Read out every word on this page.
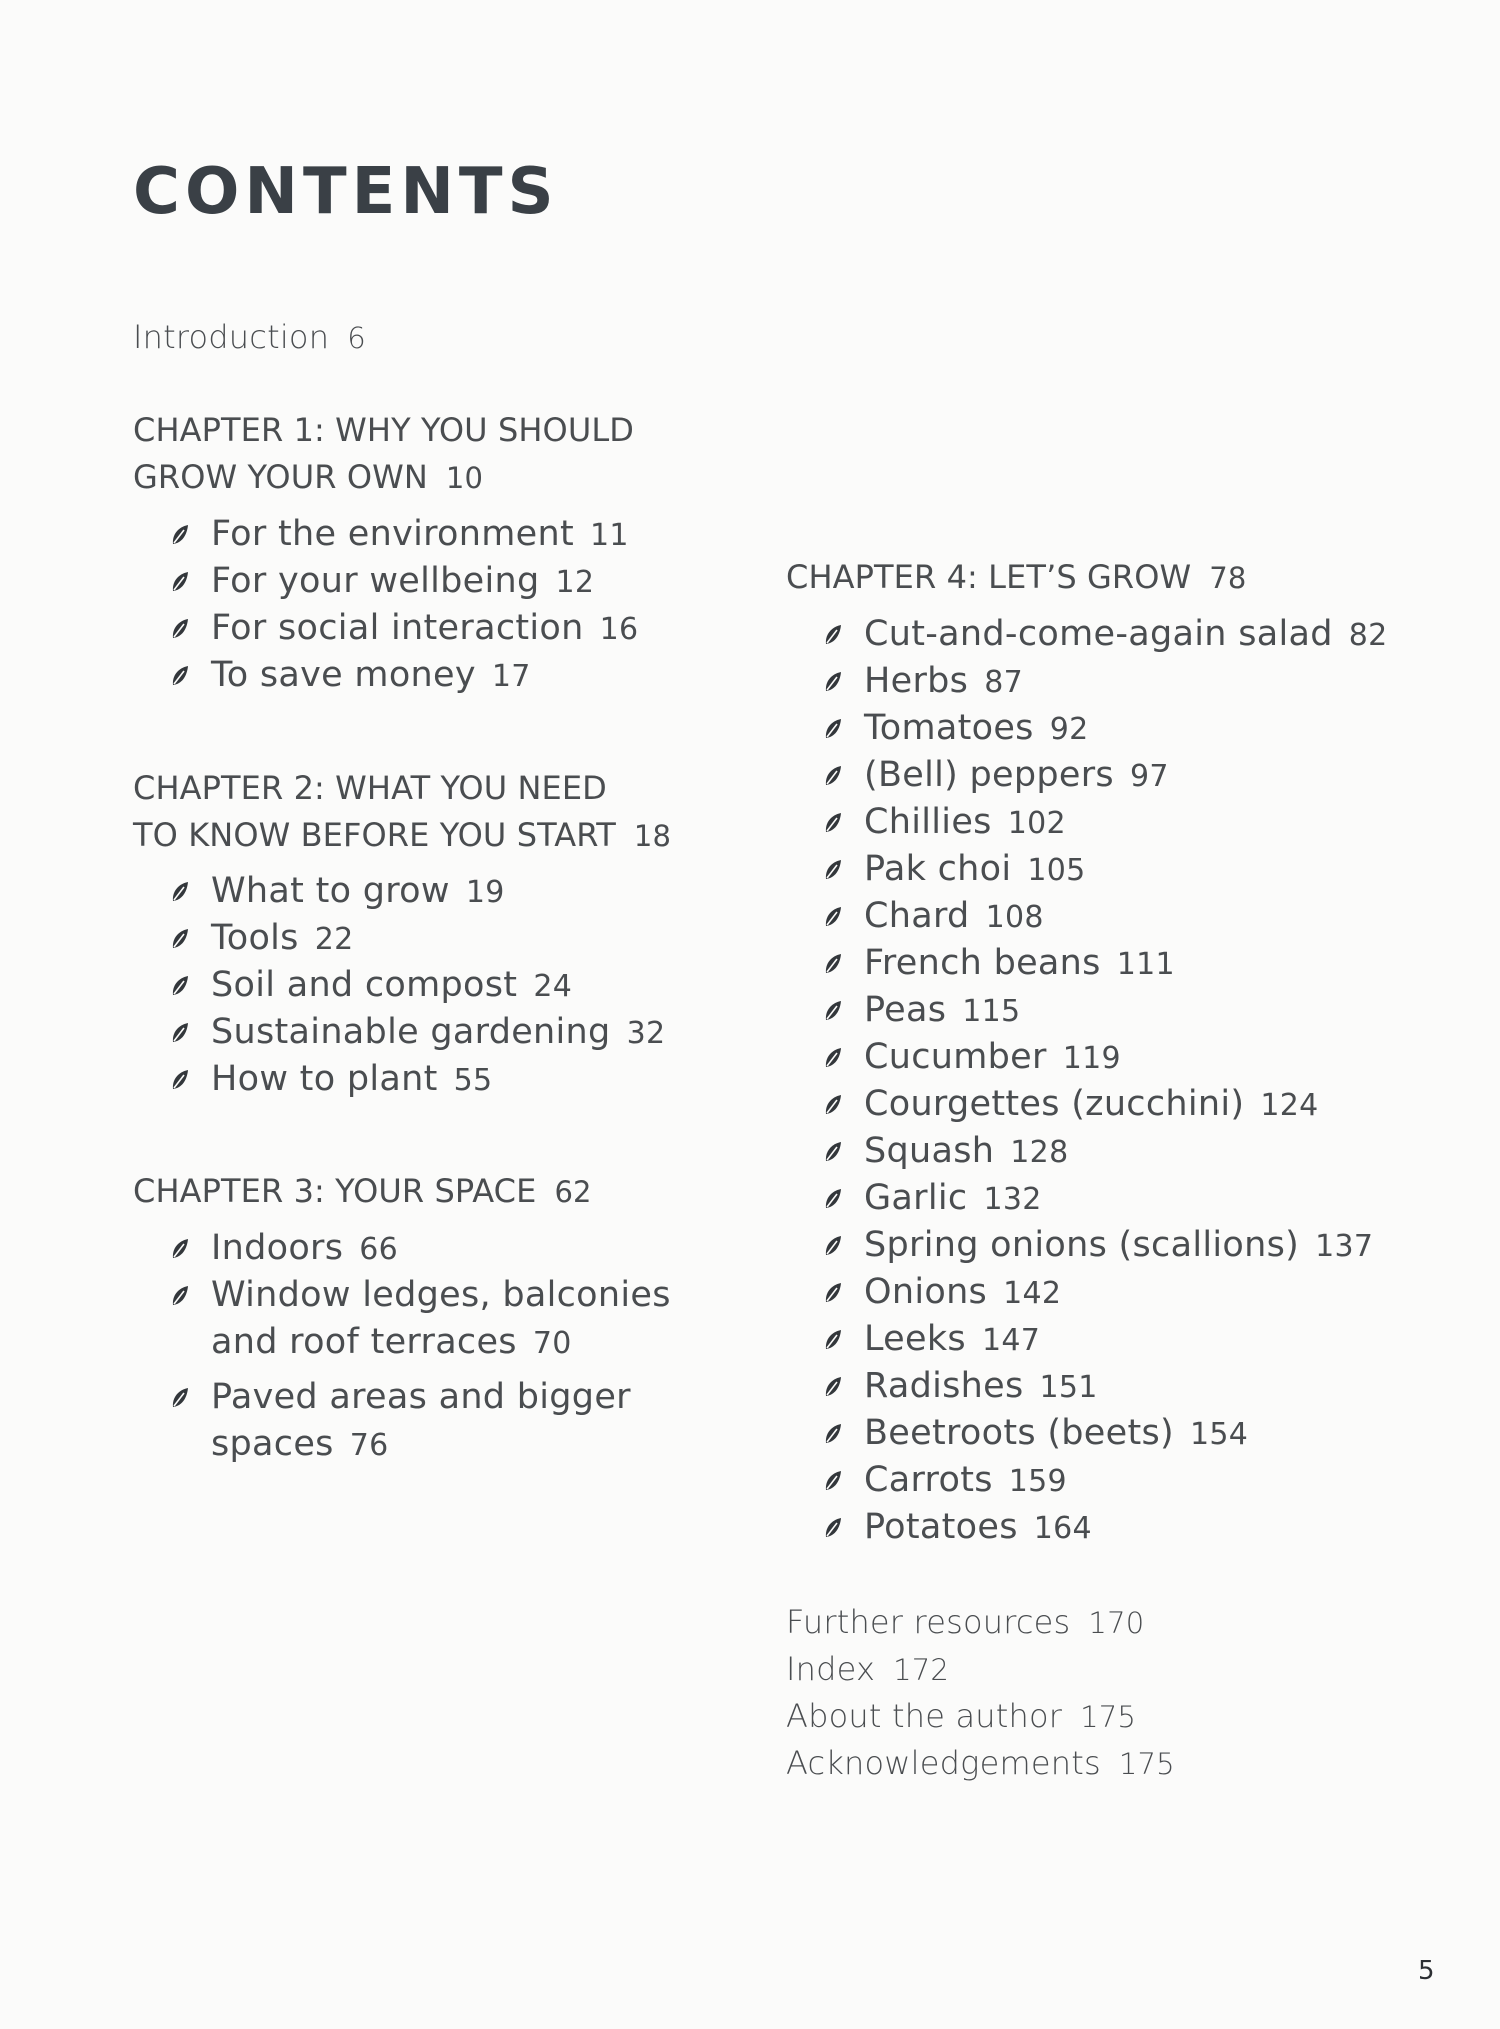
CONTENTS
Introduction 6
CHAPTER 1: WHY YOU SHOULD
GROW YOUR OWN 10
For the environment 11
For your wellbeing 12
For social interaction 16
To save money 17
CHAPTER 2: WHAT YOU NEED
TO KNOW BEFORE YOU START 18
What to grow 19
Tools 22
Soil and compost 24
Sustainable gardening 32
How to plant 55
CHAPTER 3: YOUR SPACE 62
Indoors 66
Window ledges, balconies
and roof terraces 70
Paved areas and bigger
spaces 76
CHAPTER 4: LET’S GROW 78
Cut-and-come-again salad 82
Herbs 87
Tomatoes 92
(Bell) peppers 97
Chillies 102
Pak choi 105
Chard 108
French beans 111
Peas 115
Cucumber 119
Courgettes (zucchini) 124
Squash 128
Garlic 132
Spring onions (scallions) 137
Onions 142
Leeks 147
Radishes 151
Beetroots (beets) 154
Carrots 159
Potatoes 164
Further resources 170
Index 172
About the author 175
Acknowledgements 175
5
